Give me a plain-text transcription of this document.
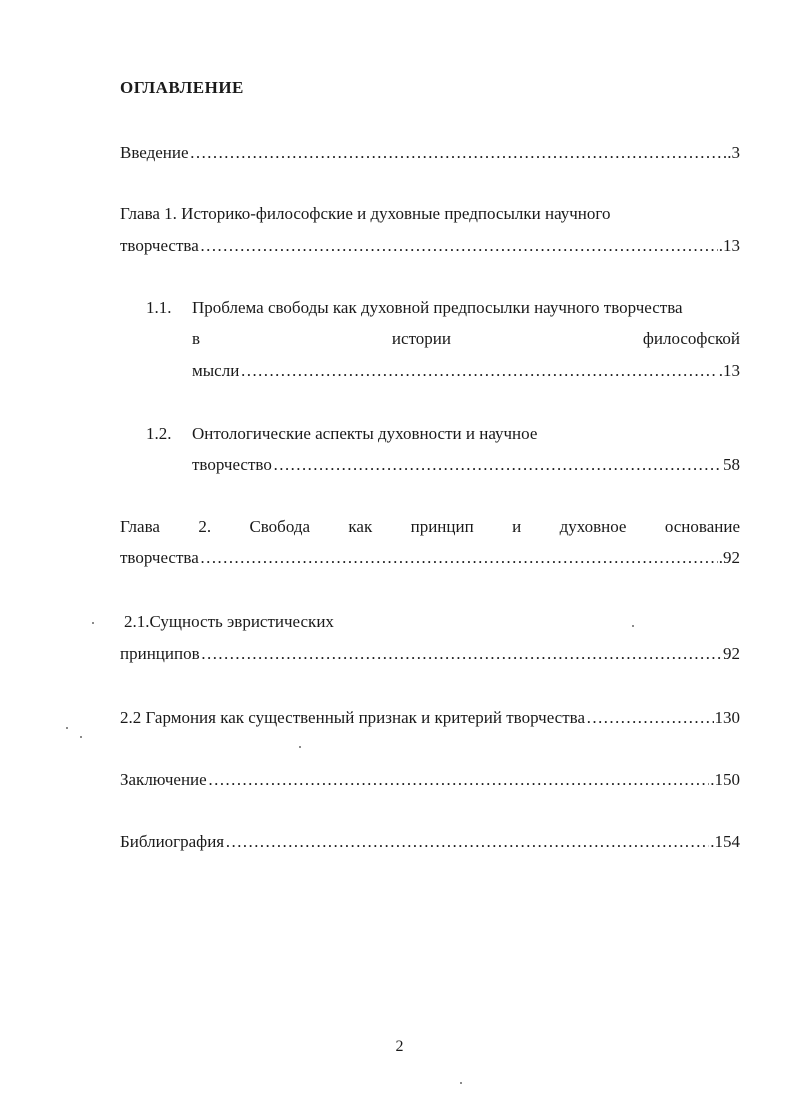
ОГЛАВЛЕНИЕ
Введение ………………………………………………………………………………………………………………………………………………………………………………	.3
Глава 1. Историко-философские и духовные предпосылки научного
творчества ………………………………………………………………………………………………………………………………………………………………………………	.13
1.1. Проблема свободы как духовной предпосылки научного творчества
в	истории	философской
мысли ………………………………………………………………………………………………………………………………………………………………………………	.13
1.2. Онтологические аспекты духовности и научное
творчество ………………………………………………………………………………………………………………………………………………………………………………	58
Глава 2. Свобода как принцип и духовное основание
творчества ………………………………………………………………………………………………………………………………………………………………………………	.92
2.1.Сущность эвристических
принципов ………………………………………………………………………………………………………………………………………………………………………………	92
2.2 Гармония как существенный признак и критерий творчества ………………………………………………………………………………………………………………………………………………………………………………	130
Заключение ………………………………………………………………………………………………………………………………………………………………………………	.150
Библиография ………………………………………………………………………………………………………………………………………………………………………………	.154
2
